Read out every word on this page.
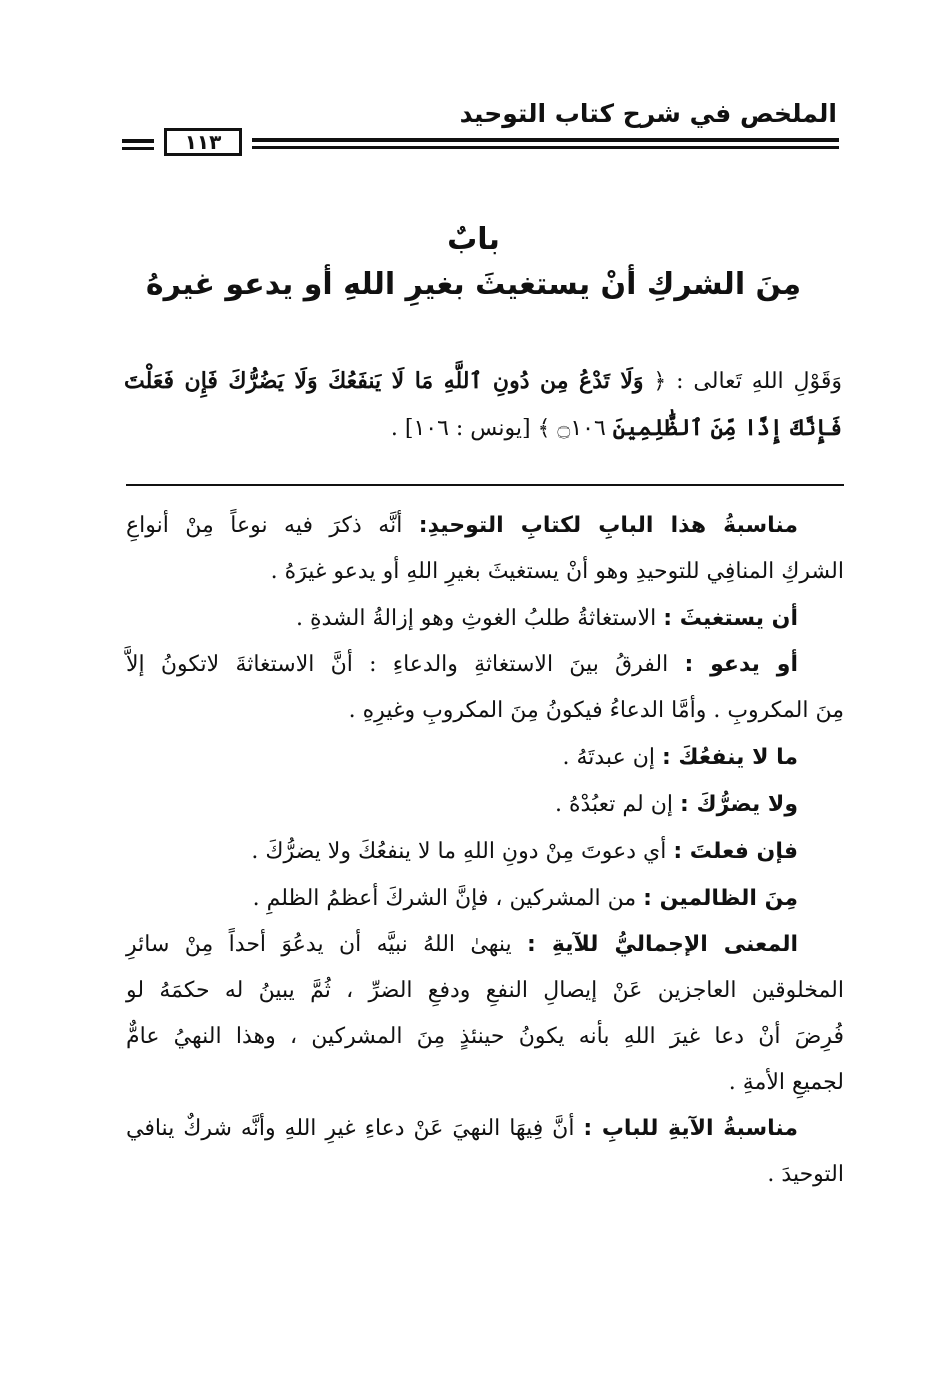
الملخص في شرح كتاب التوحيد
١١٣
بابٌ
مِنَ الشركِ أنْ يستغيثَ بغيرِ اللهِ أو يدعو غيرهُ
وَقَوْلِ اللهِ تَعالى : ﴿ وَلَا تَدْعُ مِن دُونِ ٱللَّهِ مَا لَا يَنفَعُكَ وَلَا يَضُرُّكَ فَإِن فَعَلْتَ
فَإِنَّكَ إِذًا مِّنَ ٱلظَّٰلِمِينَ ۝١٠٦ ﴾ [يونس : ١٠٦] .
مناسبةُ هذا البابِ لكتابِ التوحيدِ: أنَّه ذكرَ فيه نوعاً مِنْ أنواعِ
الشركِ المنافِي للتوحيدِ وهو أنْ يستغيثَ بغيرِ اللهِ أو يدعو غيرَهُ .
أن يستغيثَ : الاستغاثةُ طلبُ الغوثِ وهو إزالةُ الشدةِ .
أو يدعو : الفرقُ بينَ الاستغاثةِ والدعاءِ : أنَّ الاستغاثةَ لاتكونُ إلاَّ
مِنَ المكروبِ . وأمَّا الدعاءُ فيكونُ مِنَ المكروبِ وغيرِهِ .
ما لا ينفعُكَ : إن عبدتَهُ .
ولا يضرُّكَ : إن لم تعبُدْهُ .
فإن فعلتَ : أي دعوتَ مِنْ دونِ اللهِ ما لا ينفعُكَ ولا يضرُّكَ .
مِنَ الظالمين : من المشركين ، فإنَّ الشركَ أعظمُ الظلمِ .
المعنى الإجماليُّ للآيةِ : ينهىٰ اللهُ نبيَّه أن يدعُوَ أحداً مِنْ سائرِ
المخلوقين العاجزين عَنْ إيصالِ النفعِ ودفعِ الضرِّ ، ثُمَّ يبينُ له حكمَهُ لو
فُرِضَ أنْ دعا غيرَ اللهِ بأنه يكونُ حينئذٍ مِنَ المشركين ، وهذا النهيُ عامٌّ
لجميعِ الأمةِ .
مناسبةُ الآيةِ للبابِ : أنَّ فِيهَا النهيَ عَنْ دعاءِ غيرِ اللهِ وأنَّه شركٌ ينافي
التوحيدَ .
